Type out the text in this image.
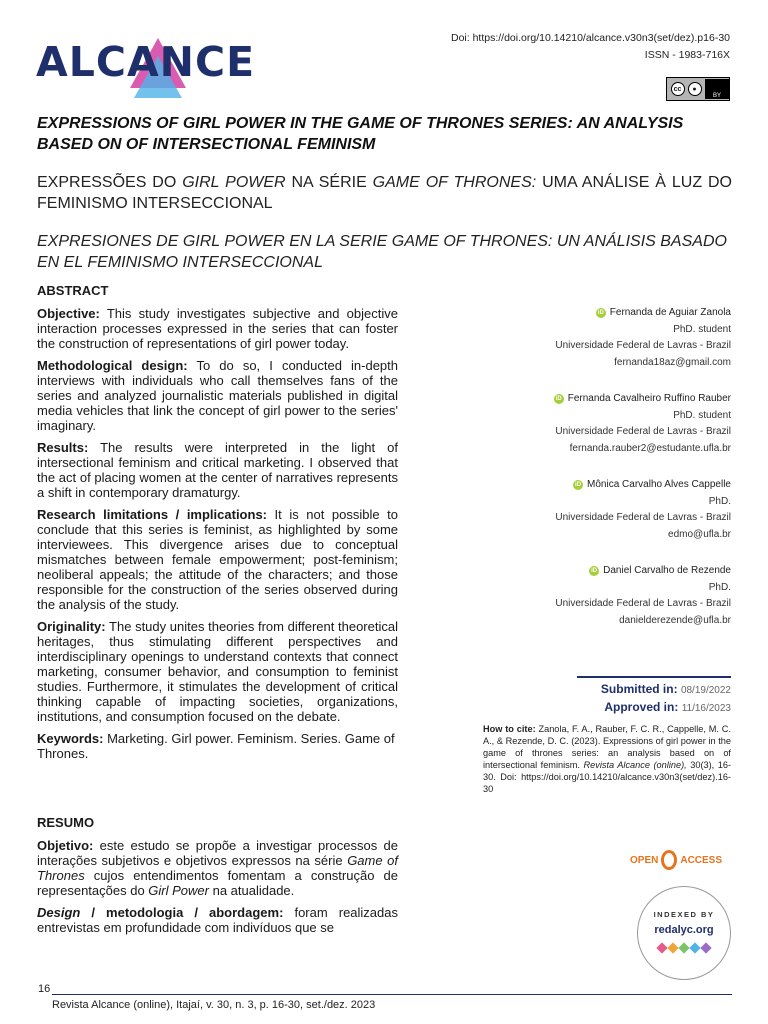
ALCANCE	Doi: https://doi.org/10.14210/alcance.v30n3(set/dez).p16-30
ISSN - 1983-716X
cc	●
BY
EXPRESSIONS OF GIRL POWER IN THE GAME OF THRONES SERIES: AN ANALYSIS BASED ON OF INTERSECTIONAL FEMINISM
EXPRESSÕES DO GIRL POWER NA SÉRIE GAME OF THRONES: UMA ANÁLISE À LUZ DO FEMINISMO INTERSECCIONAL
EXPRESIONES DE GIRL POWER EN LA SERIE GAME OF THRONES: UN ANÁLISIS BASADO EN EL FEMINISMO INTERSECCIONAL
ABSTRACT

Objective: This study investigates subjective and objective interaction processes expressed in the series that can foster the construction of representations of girl power today.

Methodological design: To do so, I conducted in-depth interviews with individuals who call themselves fans of the series and analyzed journalistic materials published in digital media vehicles that link the concept of girl power to the series' imaginary.

Results: The results were interpreted in the light of intersectional feminism and critical marketing. I observed that the act of placing women at the center of narratives represents a shift in contemporary dramaturgy.

Research limitations / implications: It is not possible to conclude that this series is feminist, as highlighted by some interviewees. This divergence arises due to conceptual mismatches between female empowerment; post-feminism; neoliberal appeals; the attitude of the characters; and those responsible for the construction of the series observed during the analysis of the study.

Originality: The study unites theories from different theoretical heritages, thus stimulating different perspectives and interdisciplinary openings to understand contexts that connect marketing, consumer behavior, and consumption to feminist studies. Furthermore, it stimulates the development of critical thinking capable of impacting societies, organizations, institutions, and consumption focused on the debate.

Keywords: Marketing. Girl power. Feminism. Series. Game of Thrones.

RESUMO

Objetivo: este estudo se propõe a investigar processos de interações subjetivos e objetivos expressos na série Game of Thrones cujos entendimentos fomentam a construção de representações do Girl Power na atualidade.

Design / metodologia / abordagem: foram realizadas entrevistas em profundidade com indivíduos que se

iD Fernanda de Aguiar Zanola
PhD. student
Universidade Federal de Lavras - Brazil
fernanda18az@gmail.com
iD Fernanda Cavalheiro Ruffino Rauber
PhD. student
Universidade Federal de Lavras - Brazil
fernanda.rauber2@estudante.ufla.br
iD Mônica Carvalho Alves Cappelle
PhD.
Universidade Federal de Lavras - Brazil
edmo@ufla.br
iD Daniel Carvalho de Rezende
PhD.
Universidade Federal de Lavras - Brazil
danielderezende@ufla.br
Submitted in: 08/19/2022
Approved in: 11/16/2023
How to cite: Zanola, F. A., Rauber, F. C. R., Cappelle, M. C. A., & Rezende, D. C. (2023). Expressions of girl power in the game of thrones series: an analysis based on of intersectional feminism. Revista Alcance (online), 30(3), 16-30. Doi: https://doi.org/10.14210/alcance.v30n3(set/dez).16-30
OPEN ACCESS
INDEXED BY
redalyc.org
16
Revista Alcance (online), Itajaí, v. 30, n. 3, p. 16-30, set./dez. 2023
